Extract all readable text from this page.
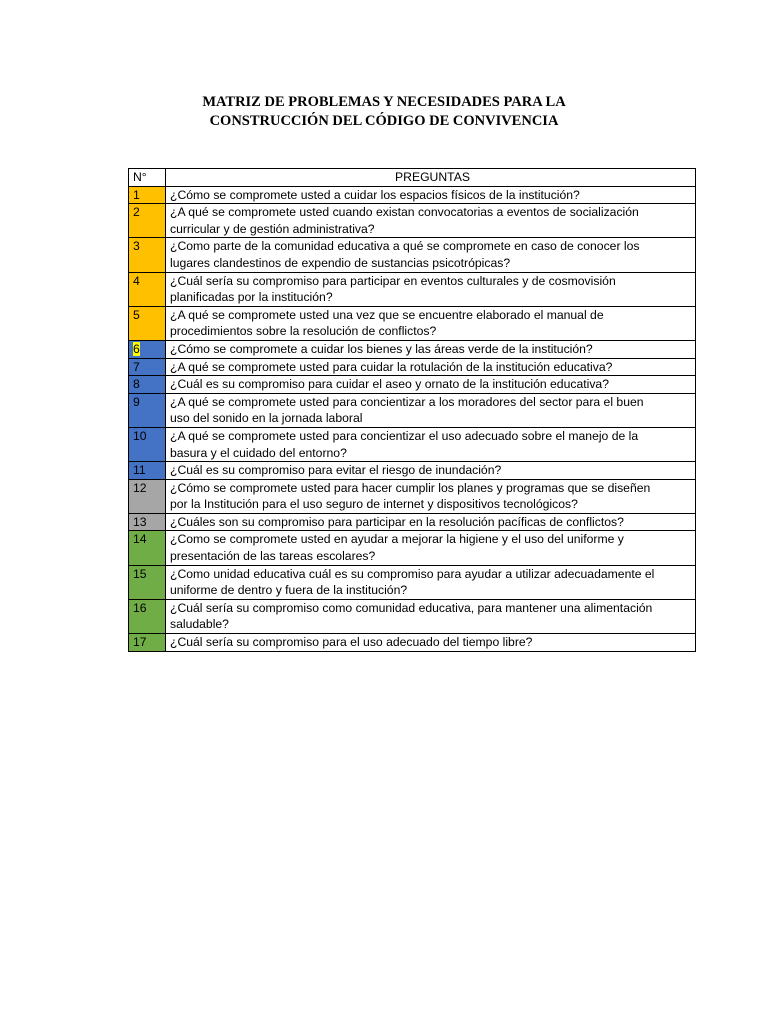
MATRIZ DE PROBLEMAS Y NECESIDADES PARA LA
CONSTRUCCIÓN DEL CÓDIGO DE CONVIVENCIA
N°	PREGUNTAS
1	¿Cómo se compromete usted a cuidar los espacios físicos de la institución?

2	¿A qué se compromete usted cuando existan convocatorias a eventos de socialización
curricular y de gestión administrativa?

3	¿Como parte de la comunidad educativa a qué se compromete en caso de conocer los
lugares clandestinos de expendio de sustancias psicotrópicas?

4	¿Cuál sería su compromiso para participar en eventos culturales y de cosmovisión
planificadas por la institución?

5	¿A qué se compromete usted una vez que se encuentre elaborado el manual de
procedimientos sobre la resolución de conflictos?

6	¿Cómo se compromete a cuidar los bienes y las áreas verde de la institución?

7	¿A qué se compromete usted para cuidar la rotulación de la institución educativa?

8	¿Cuál es su compromiso para cuidar el aseo y ornato de la institución educativa?

9	¿A qué se compromete usted para concientizar a los moradores del sector para el buen
uso del sonido en la jornada laboral

10	¿A qué se compromete usted para concientizar el uso adecuado sobre el manejo de la
basura y el cuidado del entorno?

11	¿Cuál es su compromiso para evitar el riesgo de inundación?

12	¿Cómo se compromete usted para hacer cumplir los planes y programas que se diseñen
por la Institución para el uso seguro de internet y dispositivos tecnológicos?

13	¿Cuáles son su compromiso para participar en la resolución pacíficas de conflictos?

14	¿Como se compromete usted en ayudar a mejorar la higiene y el uso del uniforme y
presentación de las tareas escolares?

15	¿Como unidad educativa cuál es su compromiso para ayudar a utilizar adecuadamente el
uniforme de dentro y fuera de la institución?

16	¿Cuál sería su compromiso como comunidad educativa, para mantener una alimentación
saludable?

17	¿Cuál sería su compromiso para el uso adecuado del tiempo libre?
